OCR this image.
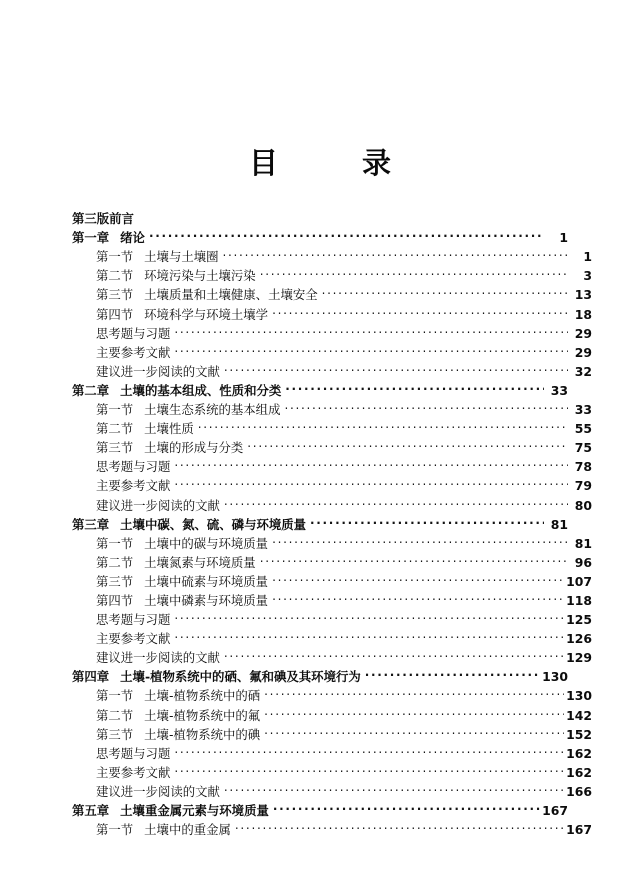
目　　录
第三版前言
第一章 绪论 .....	1
第一节 土壤与土壤圈 .....	1
第二节 环境污染与土壤污染 .....	3
第三节 土壤质量和土壤健康、土壤安全 .....	13
第四节 环境科学与环境土壤学 .....	18
思考题与习题 .....	29
主要参考文献 .....	29
建议进一步阅读的文献 .....	32
第二章 土壤的基本组成、性质和分类 .....	33
第一节 土壤生态系统的基本组成 .....	33
第二节 土壤性质 .....	55
第三节 土壤的形成与分类 .....	75
思考题与习题 .....	78
主要参考文献 .....	79
建议进一步阅读的文献 .....	80
第三章 土壤中碳、氮、硫、磷与环境质量 .....	81
第一节 土壤中的碳与环境质量 .....	81
第二节 土壤氮素与环境质量 .....	96
第三节 土壤中硫素与环境质量 .....	107
第四节 土壤中磷素与环境质量 .....	118
思考题与习题 .....	125
主要参考文献 .....	126
建议进一步阅读的文献 .....	129
第四章 土壤-植物系统中的硒、氟和碘及其环境行为 .....	130
第一节 土壤-植物系统中的硒 .....	130
第二节 土壤-植物系统中的氟 .....	142
第三节 土壤-植物系统中的碘 .....	152
思考题与习题 .....	162
主要参考文献 .....	162
建议进一步阅读的文献 .....	166
第五章 土壤重金属元素与环境质量 .....	167
第一节 土壤中的重金属 .....	167
